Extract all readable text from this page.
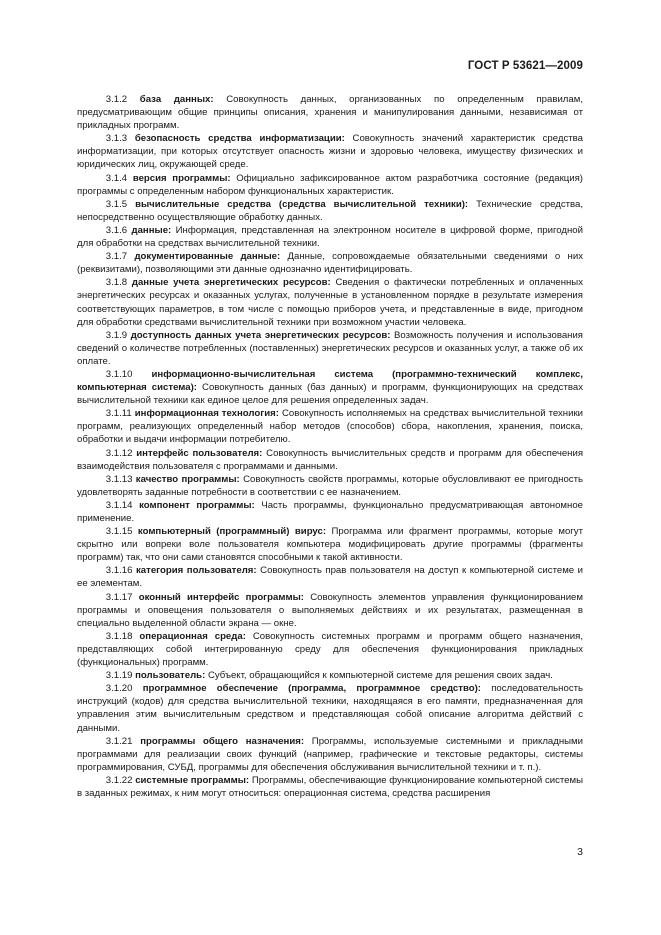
ГОСТ Р 53621—2009

   3.1.2 база данных: Совокупность данных, организованных по определенным правилам, предусматривающим общие принципы описания, хранения и манипулирования данными, независимая от прикладных программ.

   3.1.3 безопасность средства информатизации: Совокупность значений характеристик средства информатизации, при которых отсутствует опасность жизни и здоровью человека, имуществу физических и юридических лиц, окружающей среде.

   3.1.4 версия программы: Официально зафиксированное актом разработчика состояние (редакция) программы с определенным набором функциональных характеристик.

   3.1.5 вычислительные средства (средства вычислительной техники): Технические средства, непосредственно осуществляющие обработку данных.

   3.1.6 данные: Информация, представленная на электронном носителе в цифровой форме, пригодной для обработки на средствах вычислительной техники.

   3.1.7 документированные данные: Данные, сопровождаемые обязательными сведениями о них (реквизитами), позволяющими эти данные однозначно идентифицировать.

   3.1.8 данные учета энергетических ресурсов: Сведения о фактически потребленных и оплаченных энергетических ресурсах и оказанных услугах, полученные в установленном порядке в результате измерения соответствующих параметров, в том числе с помощью приборов учета, и представленные в виде, пригодном для обработки средствами вычислительной техники при возможном участии человека.

   3.1.9 доступность данных учета энергетических ресурсов: Возможность получения и использования сведений о количестве потребленных (поставленных) энергетических ресурсов и оказанных услуг, а также об их оплате.

   3.1.10 информационно-вычислительная система (программно-технический комплекс, компьютерная система): Совокупность данных (баз данных) и программ, функционирующих на средствах вычислительной техники как единое целое для решения определенных задач.

   3.1.11 информационная технология: Совокупность исполняемых на средствах вычислительной техники программ, реализующих определенный набор методов (способов) сбора, накопления, хранения, поиска, обработки и выдачи информации потребителю.

   3.1.12 интерфейс пользователя: Совокупность вычислительных средств и программ для обеспечения взаимодействия пользователя с программами и данными.

   3.1.13 качество программы: Совокупность свойств программы, которые обусловливают ее пригодность удовлетворять заданные потребности в соответствии с ее назначением.

   3.1.14 компонент программы: Часть программы, функционально предусматривающая автономное применение.

   3.1.15 компьютерный (программный) вирус: Программа или фрагмент программы, которые могут скрытно или вопреки воле пользователя компьютера модифицировать другие программы (фрагменты программ) так, что они сами становятся способными к такой активности.

   3.1.16 категория пользователя: Совокупность прав пользователя на доступ к компьютерной системе и ее элементам.

   3.1.17 оконный интерфейс программы: Совокупность элементов управления функционированием программы и оповещения пользователя о выполняемых действиях и их результатах, размещенная в специально выделенной области экрана — окне.

   3.1.18 операционная среда: Совокупность системных программ и программ общего назначения, представляющих собой интегрированную среду для обеспечения функционирования прикладных (функциональных) программ.

   3.1.19 пользователь: Субъект, обращающийся к компьютерной системе для решения своих задач.

   3.1.20 программное обеспечение (программа, программное средство): последовательность инструкций (кодов) для средства вычислительной техники, находящаяся в его памяти, предназначенная для управления этим вычислительным средством и представляющая собой описание алгоритма действий с данными.

   3.1.21 программы общего назначения: Программы, используемые системными и прикладными программами для реализации своих функций (например, графические и текстовые редакторы, системы программирования, СУБД, программы для обеспечения обслуживания вычислительной техники и т. п.).

   3.1.22 системные программы: Программы, обеспечивающие функционирование компьютерной системы в заданных режимах, к ним могут относиться: операционная система, средства расширения

3
